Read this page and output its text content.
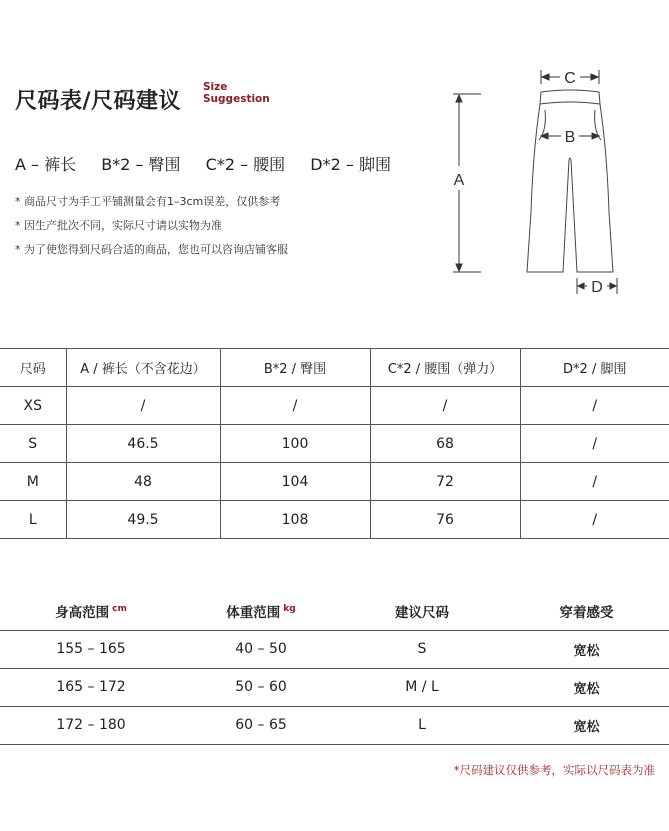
尺码表/尺码建议
Size
Suggestion
A – 裤长 B*2 – 臀围 C*2 – 腰围 D*2 – 脚围
* 商品尺寸为手工平铺测量会有1–3cm误差，仅供参考
* 因生产批次不同，实际尺寸请以实物为准
* 为了使您得到尺码合适的商品，您也可以咨询店铺客服
A
C
B
D
尺码	A / 裤长（不含花边）	B*2 / 臀围	C*2 / 腰围（弹力）	D*2 / 脚围
XS	/	/	/	/
S	46.5	100	68	/
M	48	104	72	/
L	49.5	108	76	/
身高范围 $^{cm}$	体重范围 $^{kg}$	建议尺码	穿着感受
155 – 165	40 – 50	S	宽松
165 – 172	50 – 60	M / L	宽松
172 – 180	60 – 65	L	宽松
*尺码建议仅供参考，实际以尺码表为准
